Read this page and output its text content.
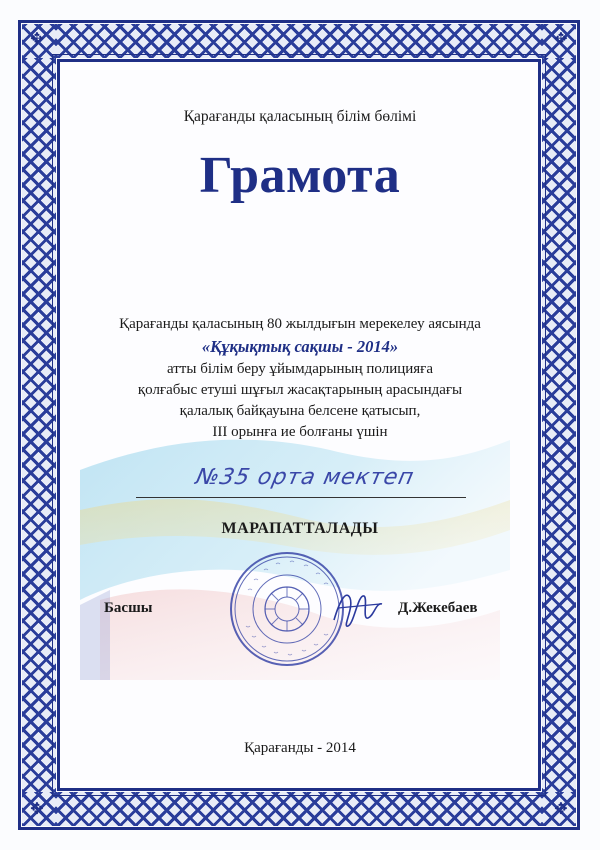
✥	✥
✥	✥
Қарағанды қаласының білім бөлімі
Грамота
Қарағанды қаласының 80 жылдығын мерекелеу аясында
«Құқықтық сақшы - 2014»
атты білім беру ұйымдарының полицияға
қолғабыс етуші шұғыл жасақтарының арасындағы
қалалық байқауына белсене қатысып,
ІІІ орынға ие болғаны үшін
№35 орта мектеп
МАРАПАТТАЛАДЫ
Басшы	Д.Жекебаев
Қарағанды - 2014
